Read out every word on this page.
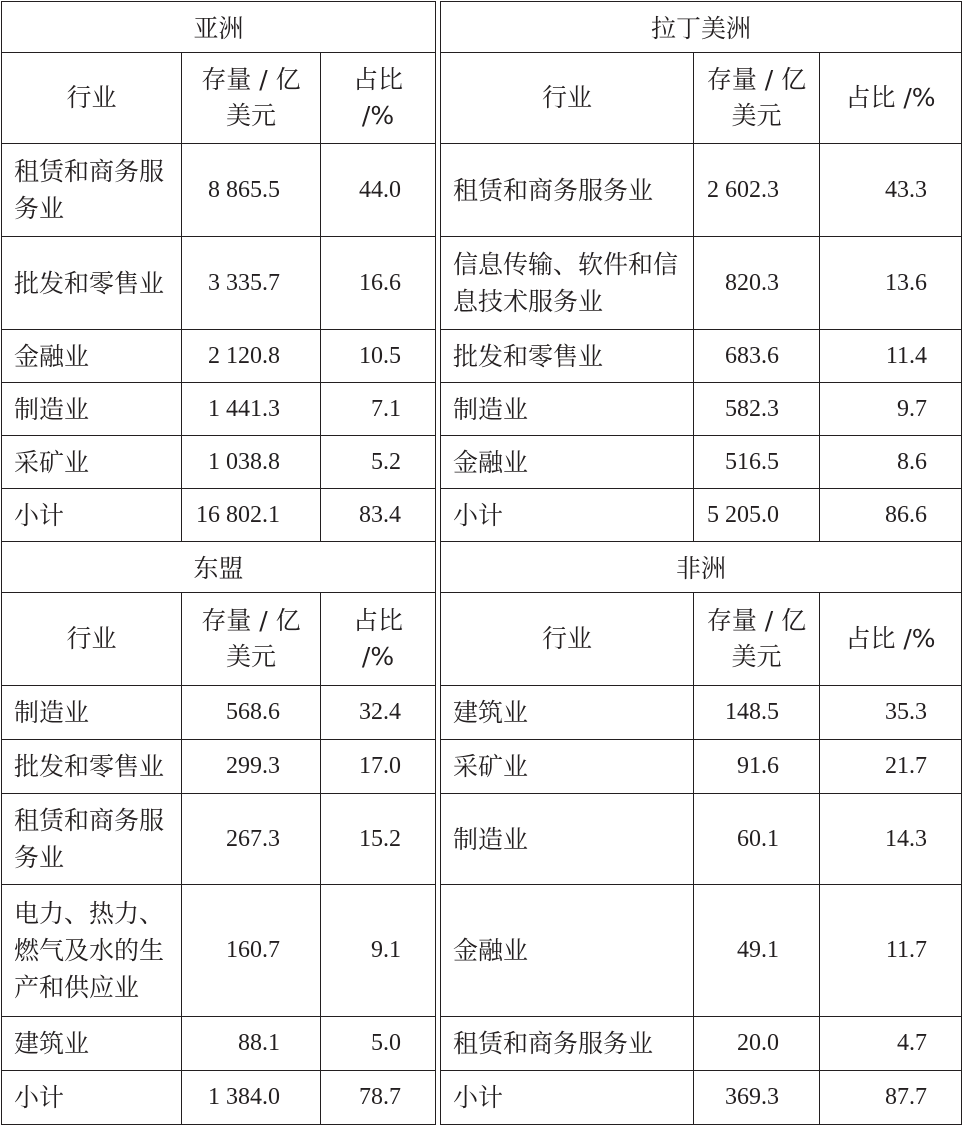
亚洲		
行业	存量 / 亿美元	占比 /%
租赁和商务服务业	8 865.5	44.0
批发和零售业	3 335.7	16.6
金融业	2 120.8	10.5
制造业	1 441.3	7.1
采矿业	1 038.8	5.2
小计	16 802.1	83.4
拉丁美洲		
行业	存量 / 亿美元	占比 /%
租赁和商务服务业	2 602.3	43.3
信息传输、软件和信息技术服务业	820.3	13.6
批发和零售业	683.6	11.4
制造业	582.3	9.7
金融业	516.5	8.6
小计	5 205.0	86.6
东盟		
行业	存量 / 亿美元	占比 /%
制造业	568.6	32.4
批发和零售业	299.3	17.0
租赁和商务服务业	267.3	15.2
电力、热力、燃气及水的生产和供应业	160.7	9.1
建筑业	88.1	5.0
小计	1 384.0	78.7
非洲		
行业	存量 / 亿美元	占比 /%
建筑业	148.5	35.3
采矿业	91.6	21.7
制造业	60.1	14.3
金融业	49.1	11.7
租赁和商务服务业	20.0	4.7
小计	369.3	87.7
